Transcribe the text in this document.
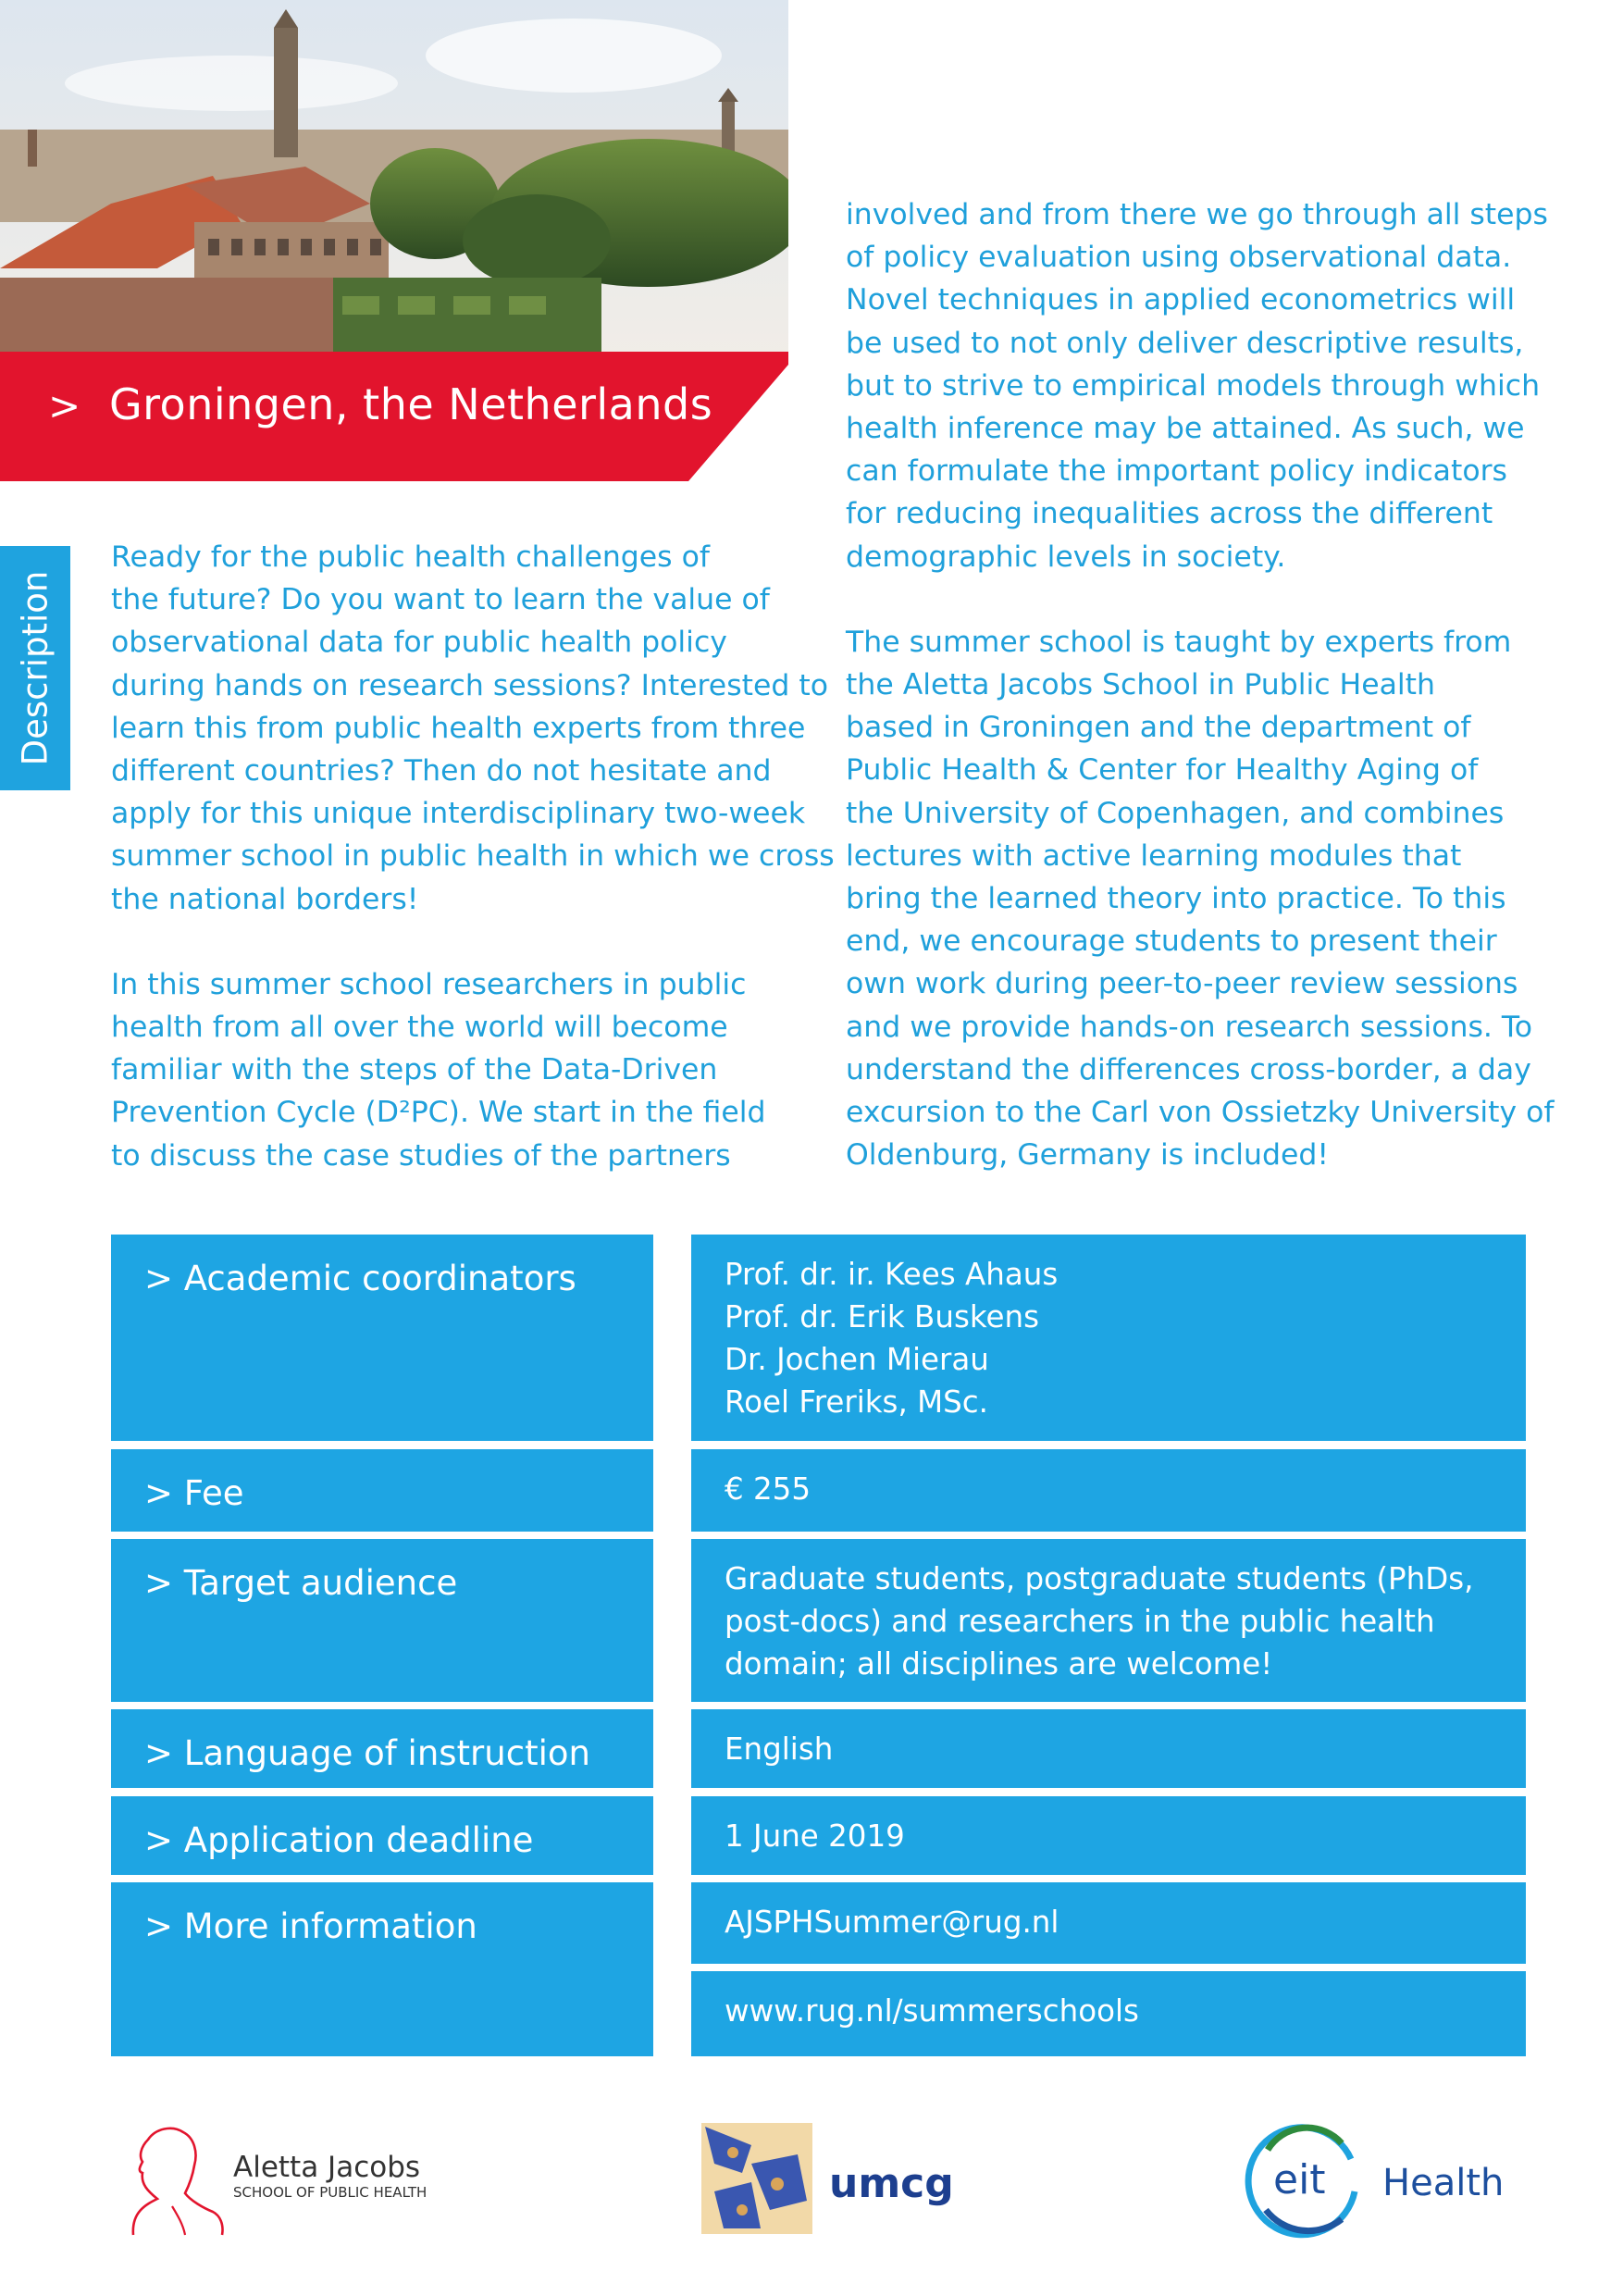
> Groningen, the Netherlands
Description

Ready for the public health challenges of
the future? Do you want to learn the value of
observational data for public health policy
during hands on research sessions? Interested to
learn this from public health experts from three
different countries? Then do not hesitate and
apply for this unique interdisciplinary two-week
summer school in public health in which we cross
the national borders!

In this summer school researchers in public
health from all over the world will become
familiar with the steps of the Data-Driven
Prevention Cycle (D²PC). We start in the field
to discuss the case studies of the partners

involved and from there we go through all steps
of policy evaluation using observational data.
Novel techniques in applied econometrics will
be used to not only deliver descriptive results,
but to strive to empirical models through which
health inference may be attained. As such, we
can formulate the important policy indicators
for reducing inequalities across the different
demographic levels in society.

The summer school is taught by experts from
the Aletta Jacobs School in Public Health
based in Groningen and the department of
Public Health & Center for Healthy Aging of
the University of Copenhagen, and combines
lectures with active learning modules that
bring the learned theory into practice. To this
end, we encourage students to present their
own work during peer-to-peer review sessions
and we provide hands-on research sessions. To
understand the differences cross-border, a day
excursion to the Carl von Ossietzky University of
Oldenburg, Germany is included!

> Academic coordinators	Prof. dr. ir. Kees Ahaus
Prof. dr. Erik Buskens
Dr. Jochen Mierau
Roel Freriks, MSc.
> Fee	€ 255
> Target audience	Graduate students, postgraduate students (PhDs,
post-docs) and researchers in the public health
domain; all disciplines are welcome!
> Language of instruction	English
> Application deadline	1 June 2019
> More information	AJSPHSummer@rug.nl
www.rug.nl/summerschools
Aletta Jacobs
SCHOOL OF PUBLIC HEALTH	umcg	eit Health
